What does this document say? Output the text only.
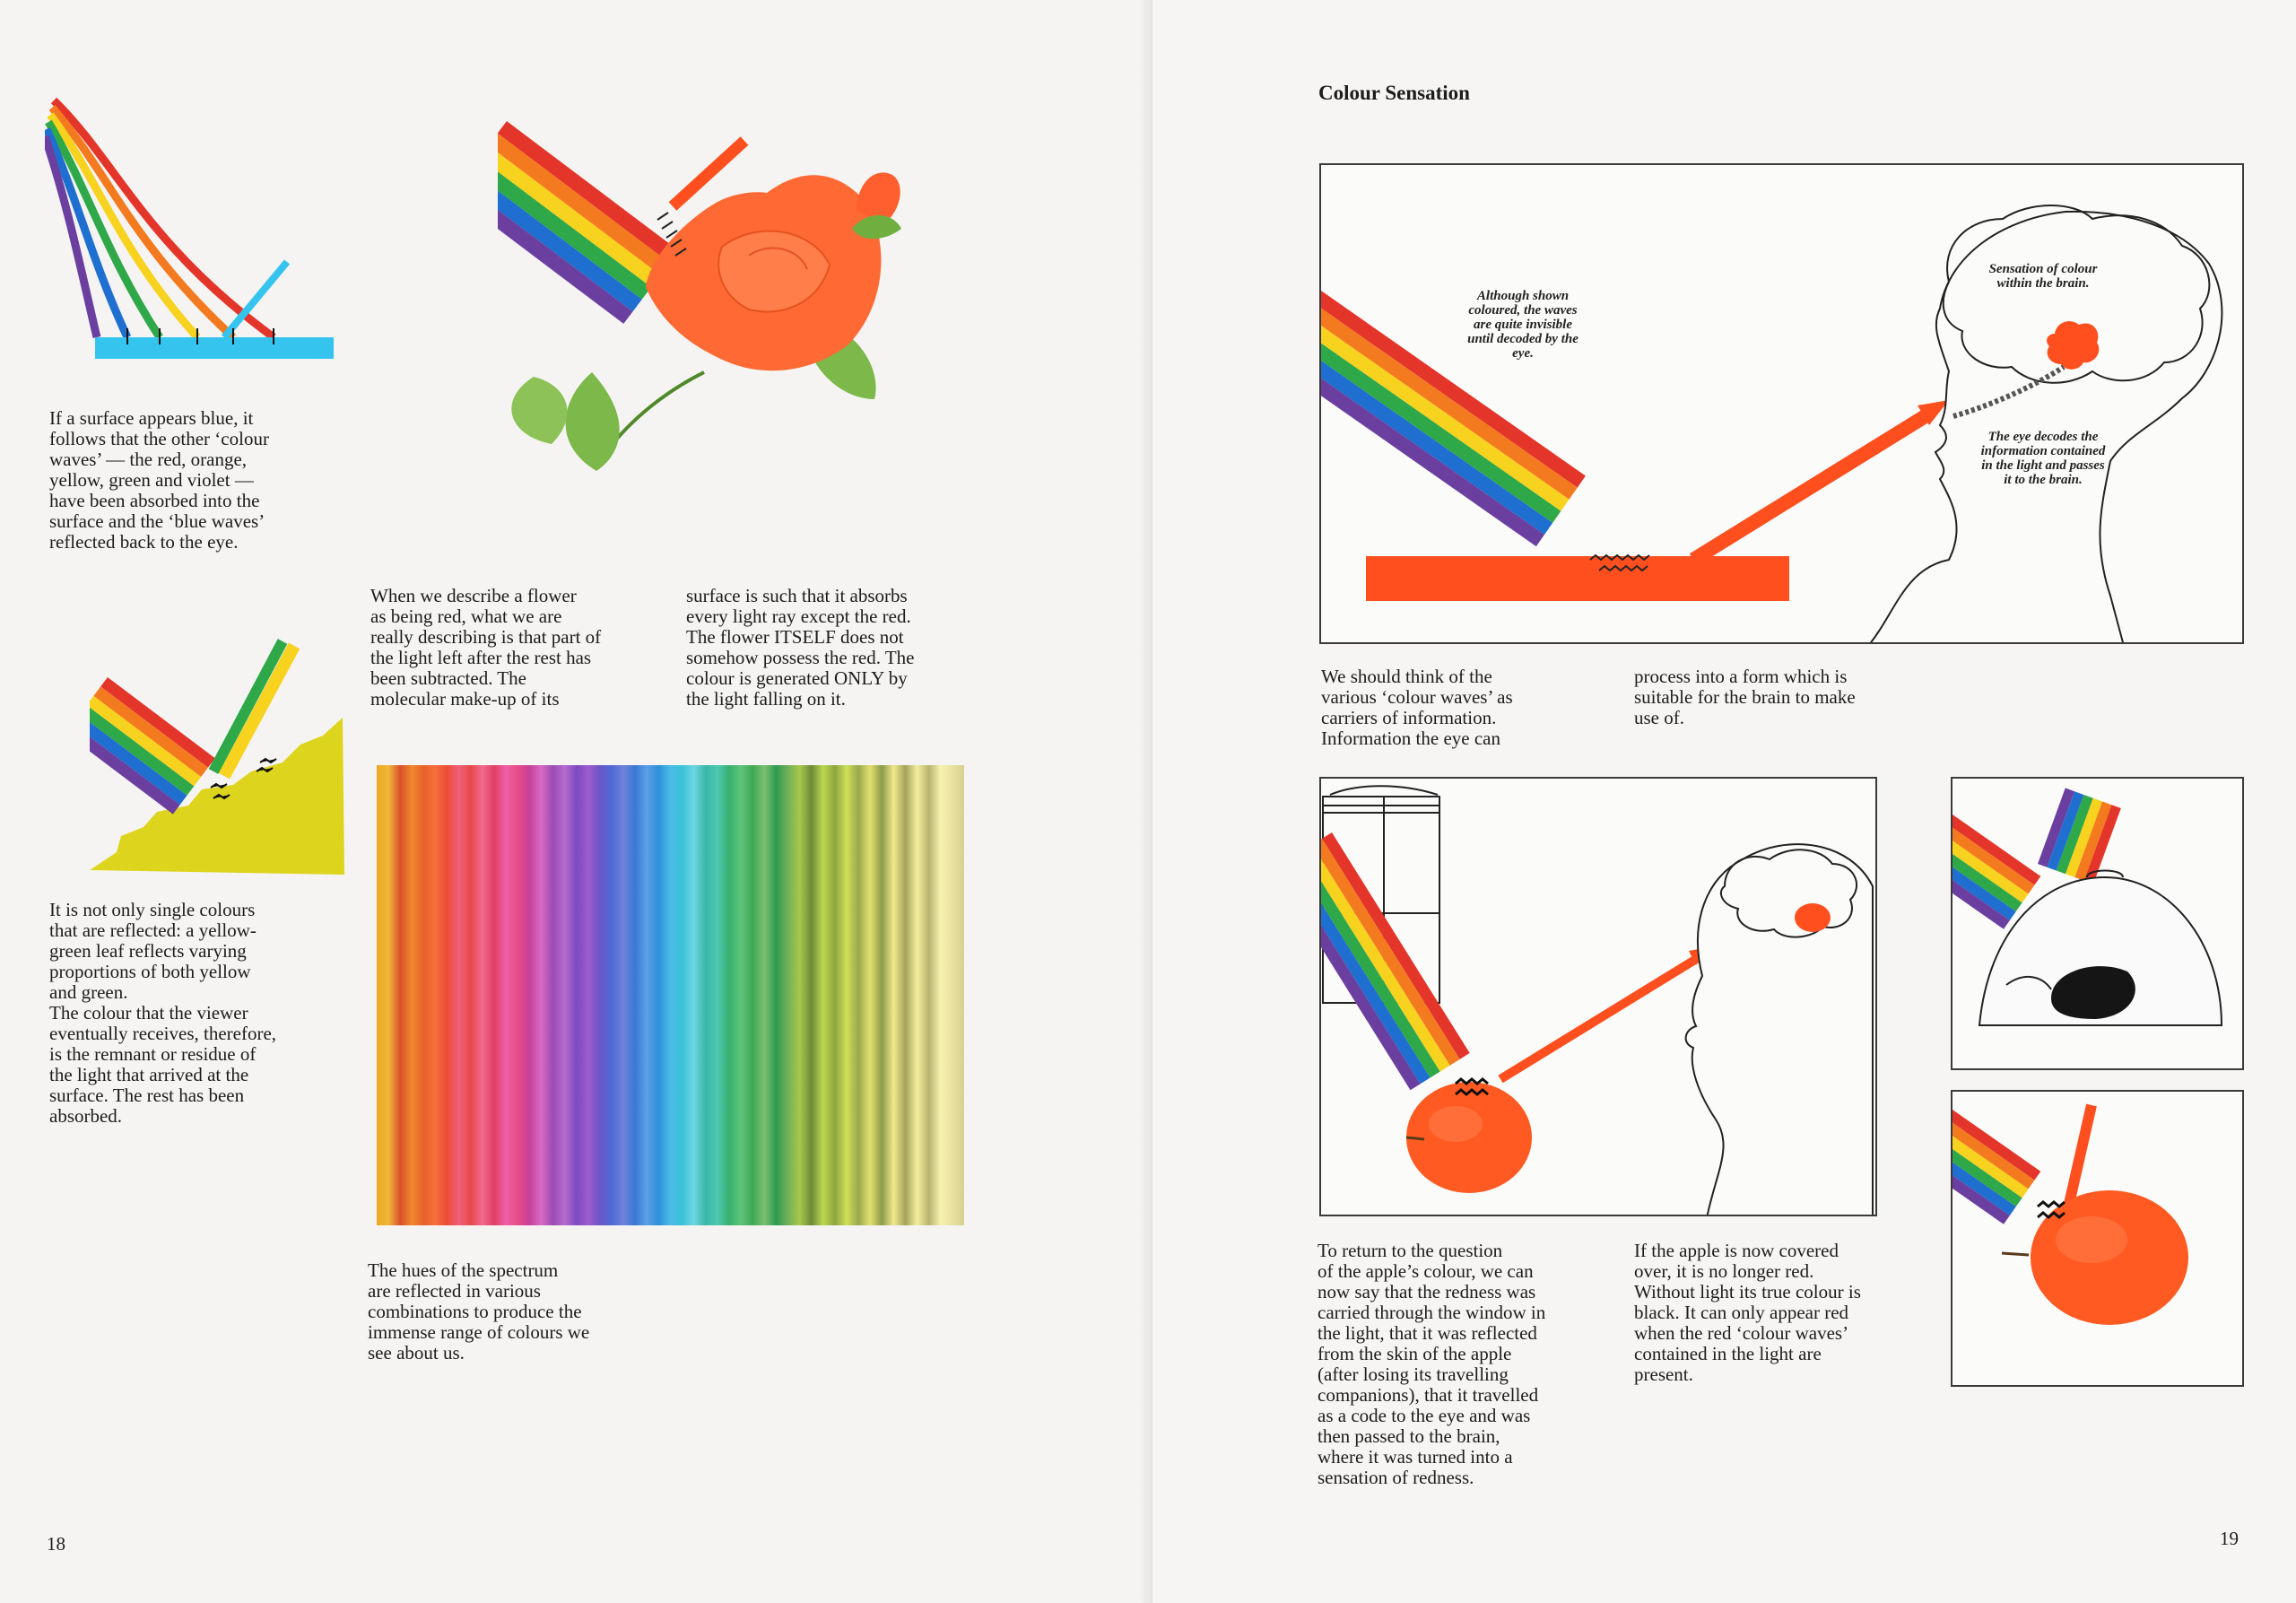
If a surface appears blue, it
follows that the other ‘colour
waves’ — the red, orange,
yellow, green and violet —
have been absorbed into the
surface and the ‘blue waves’
reflected back to the eye.

It is not only single colours
that are reflected: a yellow-
green leaf reflects varying
proportions of both yellow
and green.
The colour that the viewer
eventually receives, therefore,
is the remnant or residue of
the light that arrived at the
surface. The rest has been
absorbed.

When we describe a flower
as being red, what we are
really describing is that part of
the light left after the rest has
been subtracted. The
molecular make-up of its

surface is such that it absorbs
every light ray except the red.
The flower ITSELF does not
somehow possess the red. The
colour is generated ONLY by
the light falling on it.

The hues of the spectrum
are reflected in various
combinations to produce the
immense range of colours we
see about us.

18
Colour Sensation
Although shown
coloured, the waves
are quite invisible
until decoded by the
eye.
Sensation of colour
within the brain.
The eye decodes the
information contained
in the light and passes
it to the brain.

We should think of the
various ‘colour waves’ as
carriers of information.
Information the eye can

process into a form which is
suitable for the brain to make
use of.

To return to the question
of the apple’s colour, we can
now say that the redness was
carried through the window in
the light, that it was reflected
from the skin of the apple
(after losing its travelling
companions), that it travelled
as a code to the eye and was
then passed to the brain,
where it was turned into a
sensation of redness.

If the apple is now covered
over, it is no longer red.
Without light its true colour is
black. It can only appear red
when the red ‘colour waves’
contained in the light are
present.

19
